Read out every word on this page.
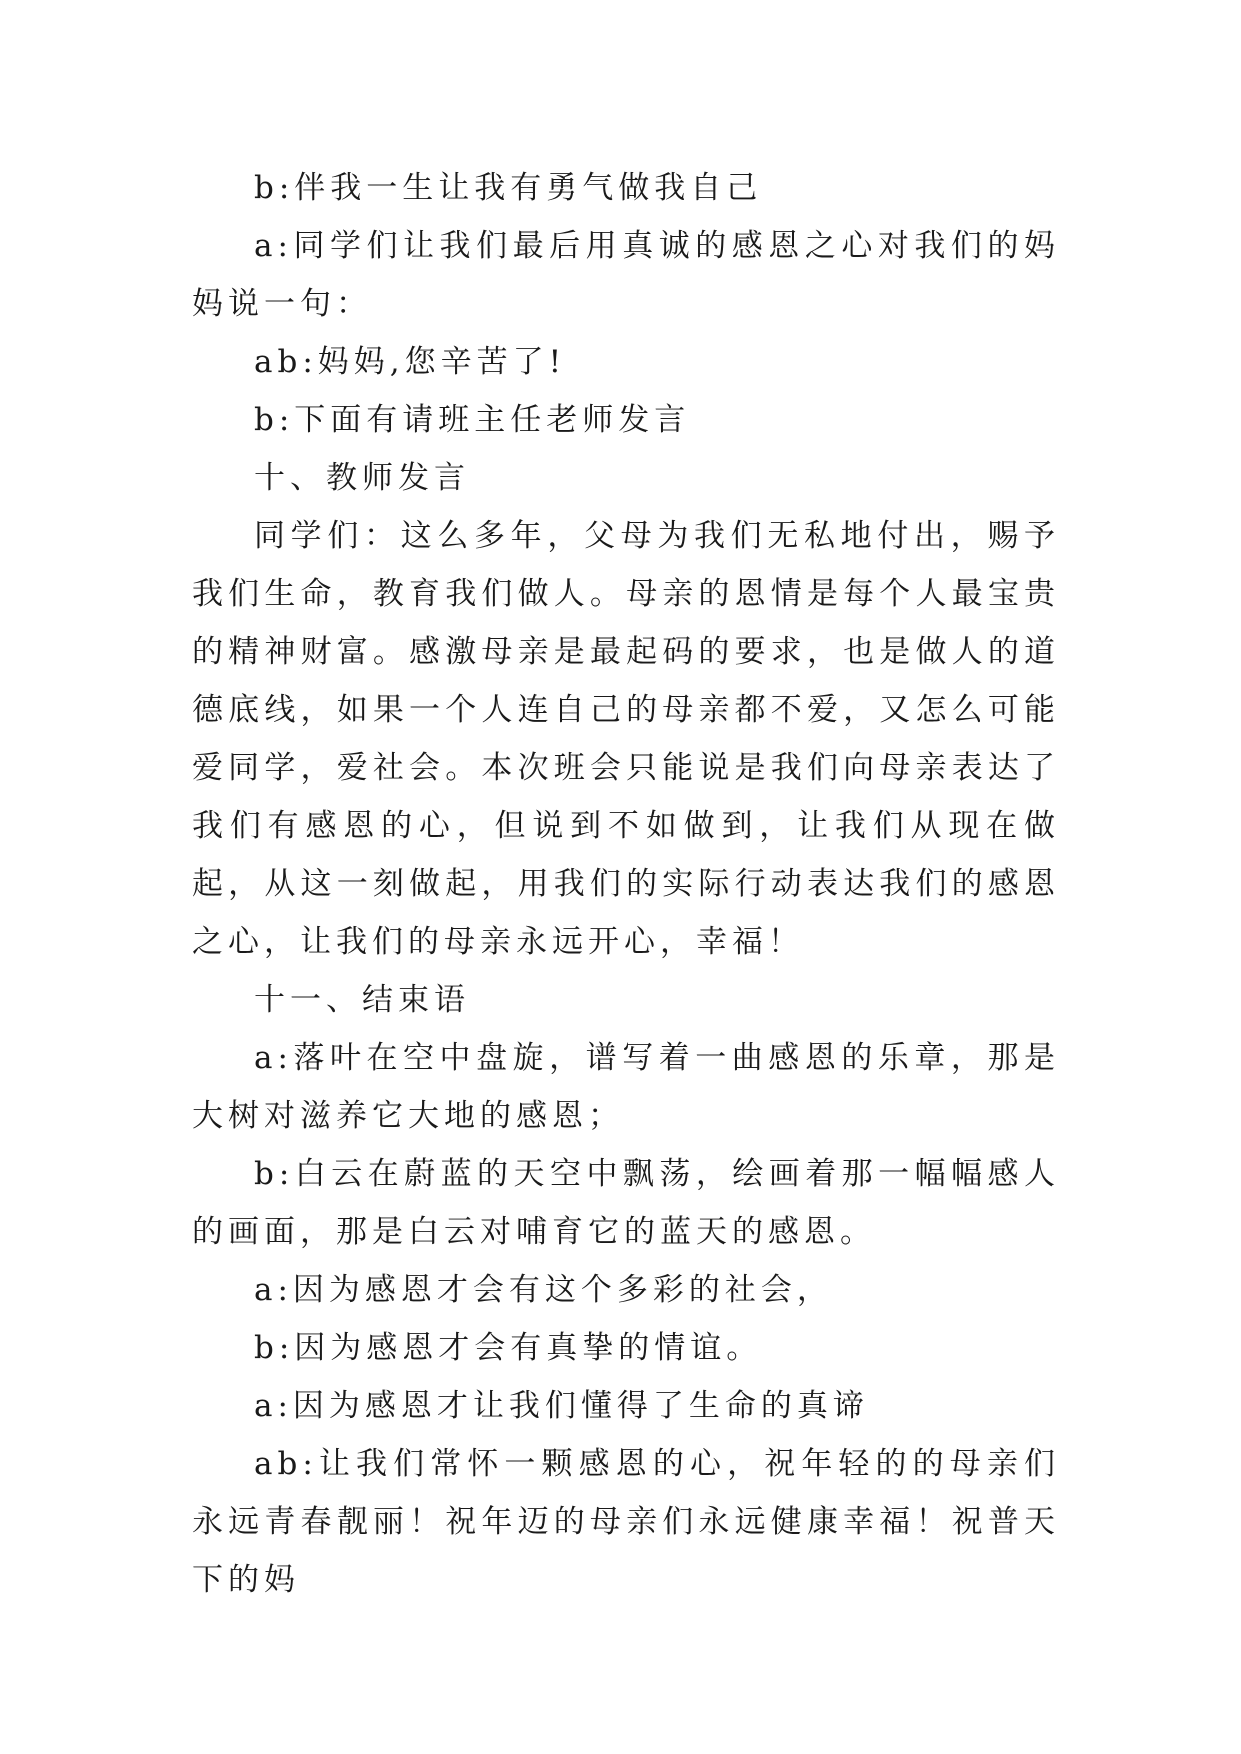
b:伴我一生让我有勇气做我自己

a:同学们让我们最后用真诚的感恩之心对我们的妈妈说一句：

ab:妈妈,您辛苦了!

b:下面有请班主任老师发言

十、教师发言

同学们：这么多年，父母为我们无私地付出，赐予我们生命，教育我们做人。母亲的恩情是每个人最宝贵的精神财富。感激母亲是最起码的要求，也是做人的道德底线，如果一个人连自己的母亲都不爱，又怎么可能爱同学，爱社会。本次班会只能说是我们向母亲表达了我们有感恩的心，但说到不如做到，让我们从现在做起，从这一刻做起，用我们的实际行动表达我们的感恩之心，让我们的母亲永远开心，幸福！

十一、结束语

a:落叶在空中盘旋，谱写着一曲感恩的乐章，那是大树对滋养它大地的感恩；

b:白云在蔚蓝的天空中飘荡，绘画着那一幅幅感人的画面，那是白云对哺育它的蓝天的感恩。

a:因为感恩才会有这个多彩的社会，

b:因为感恩才会有真挚的情谊。

a:因为感恩才让我们懂得了生命的真谛

ab:让我们常怀一颗感恩的心，祝年轻的的母亲们永远青春靓丽！祝年迈的母亲们永远健康幸福！祝普天下的妈
